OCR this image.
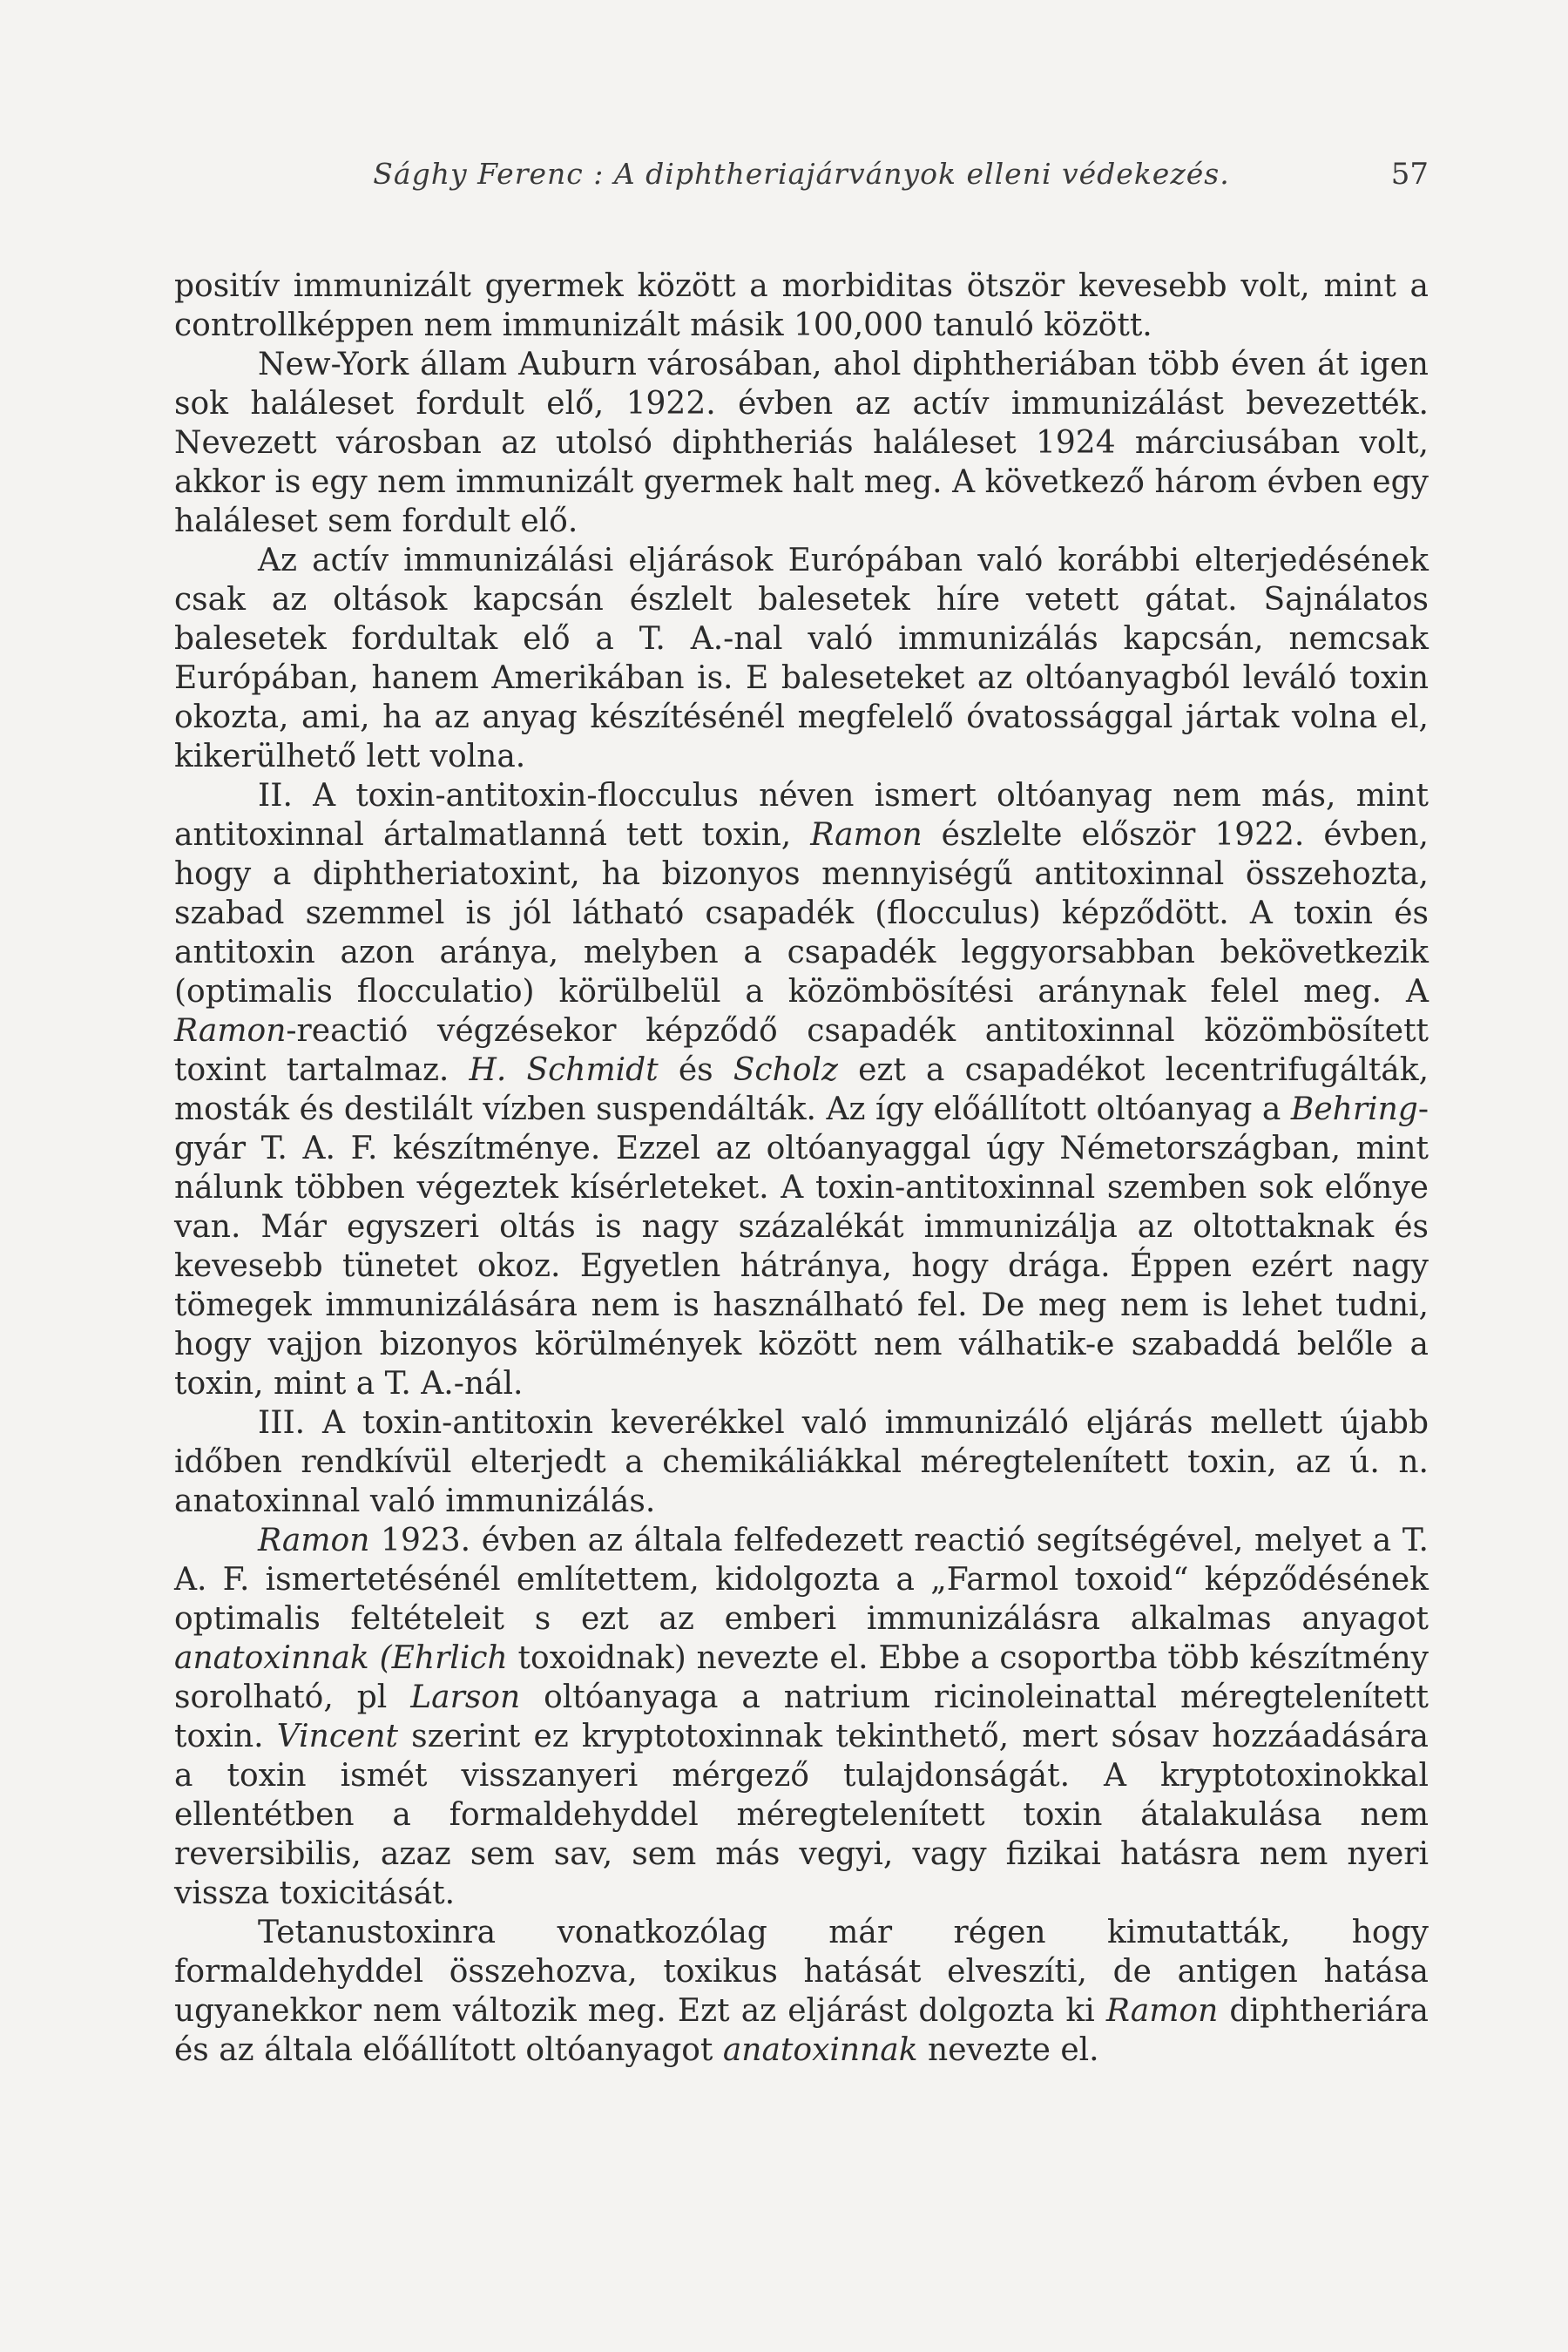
Sághy Ferenc : A diphtheriajárványok elleni védekezés.	57

positív immunizált gyermek között a morbiditas ötször kevesebb volt, mint a controllképpen nem immunizált másik 100,000 tanuló között.

New-York állam Auburn városában, ahol diphtheriában több éven át igen sok haláleset fordult elő, 1922. évben az actív immunizálást bevezették. Nevezett városban az utolsó diphtheriás haláleset 1924 márciusában volt, akkor is egy nem immunizált gyermek halt meg. A következő három évben egy haláleset sem fordult elő.

Az actív immunizálási eljárások Európában való korábbi elterjedésének csak az oltások kapcsán észlelt balesetek híre vetett gátat. Sajnálatos balesetek fordultak elő a T. A.-nal való immunizálás kapcsán, nemcsak Európában, hanem Amerikában is. E baleseteket az oltóanyagból leváló toxin okozta, ami, ha az anyag készítésénél megfelelő óvatossággal jártak volna el, kikerülhető lett volna.

II. A toxin-antitoxin-flocculus néven ismert oltóanyag nem más, mint antitoxinnal ártalmatlanná tett toxin, Ramon észlelte először 1922. évben, hogy a diphtheriatoxint, ha bizonyos mennyiségű antitoxinnal összehozta, szabad szemmel is jól látható csapadék (flocculus) képződött. A toxin és antitoxin azon aránya, melyben a csapadék leggyorsabban bekövetkezik (optimalis flocculatio) körülbelül a közömbösítési aránynak felel meg. A Ramon-reactió végzésekor képződő csapadék antitoxinnal közömbösített toxint tartalmaz. H. Schmidt és Scholz ezt a csapadékot lecentrifugálták, mosták és destilált vízben suspendálták. Az így előállított oltóanyag a Behring-gyár T. A. F. készítménye. Ezzel az oltóanyaggal úgy Németországban, mint nálunk többen végeztek kísérleteket. A toxin-antitoxinnal szemben sok előnye van. Már egyszeri oltás is nagy százalékát immunizálja az oltottaknak és kevesebb tünetet okoz. Egyetlen hátránya, hogy drága. Éppen ezért nagy tömegek immunizálására nem is használható fel. De meg nem is lehet tudni, hogy vajjon bizonyos körülmények között nem válhatik-e szabaddá belőle a toxin, mint a T. A.-nál.

III. A toxin-antitoxin keverékkel való immunizáló eljárás mellett újabb időben rendkívül elterjedt a chemikáliákkal méregtelenített toxin, az ú. n. anatoxinnal való immunizálás.

Ramon 1923. évben az általa felfedezett reactió segítségével, melyet a T. A. F. ismertetésénél említettem, kidolgozta a „Farmol toxoid“ képződésének optimalis feltételeit s ezt az emberi immunizálásra alkalmas anyagot anatoxinnak (Ehrlich toxoidnak) nevezte el. Ebbe a csoportba több készítmény sorolható, pl Larson oltóanyaga a natrium ricinoleinattal méregtelenített toxin. Vincent szerint ez kryptotoxinnak tekinthető, mert sósav hozzáadására a toxin ismét visszanyeri mérgező tulajdonságát. A kryptotoxinokkal ellentétben a formaldehyddel méregtelenített toxin átalakulása nem reversibilis, azaz sem sav, sem más vegyi, vagy fizikai hatásra nem nyeri vissza toxicitását.

Tetanustoxinra vonatkozólag már régen kimutatták, hogy formaldehyddel összehozva, toxikus hatását elveszíti, de antigen hatása ugyanekkor nem változik meg. Ezt az eljárást dolgozta ki Ramon diphtheriára és az általa előállított oltóanyagot anatoxinnak nevezte el.
